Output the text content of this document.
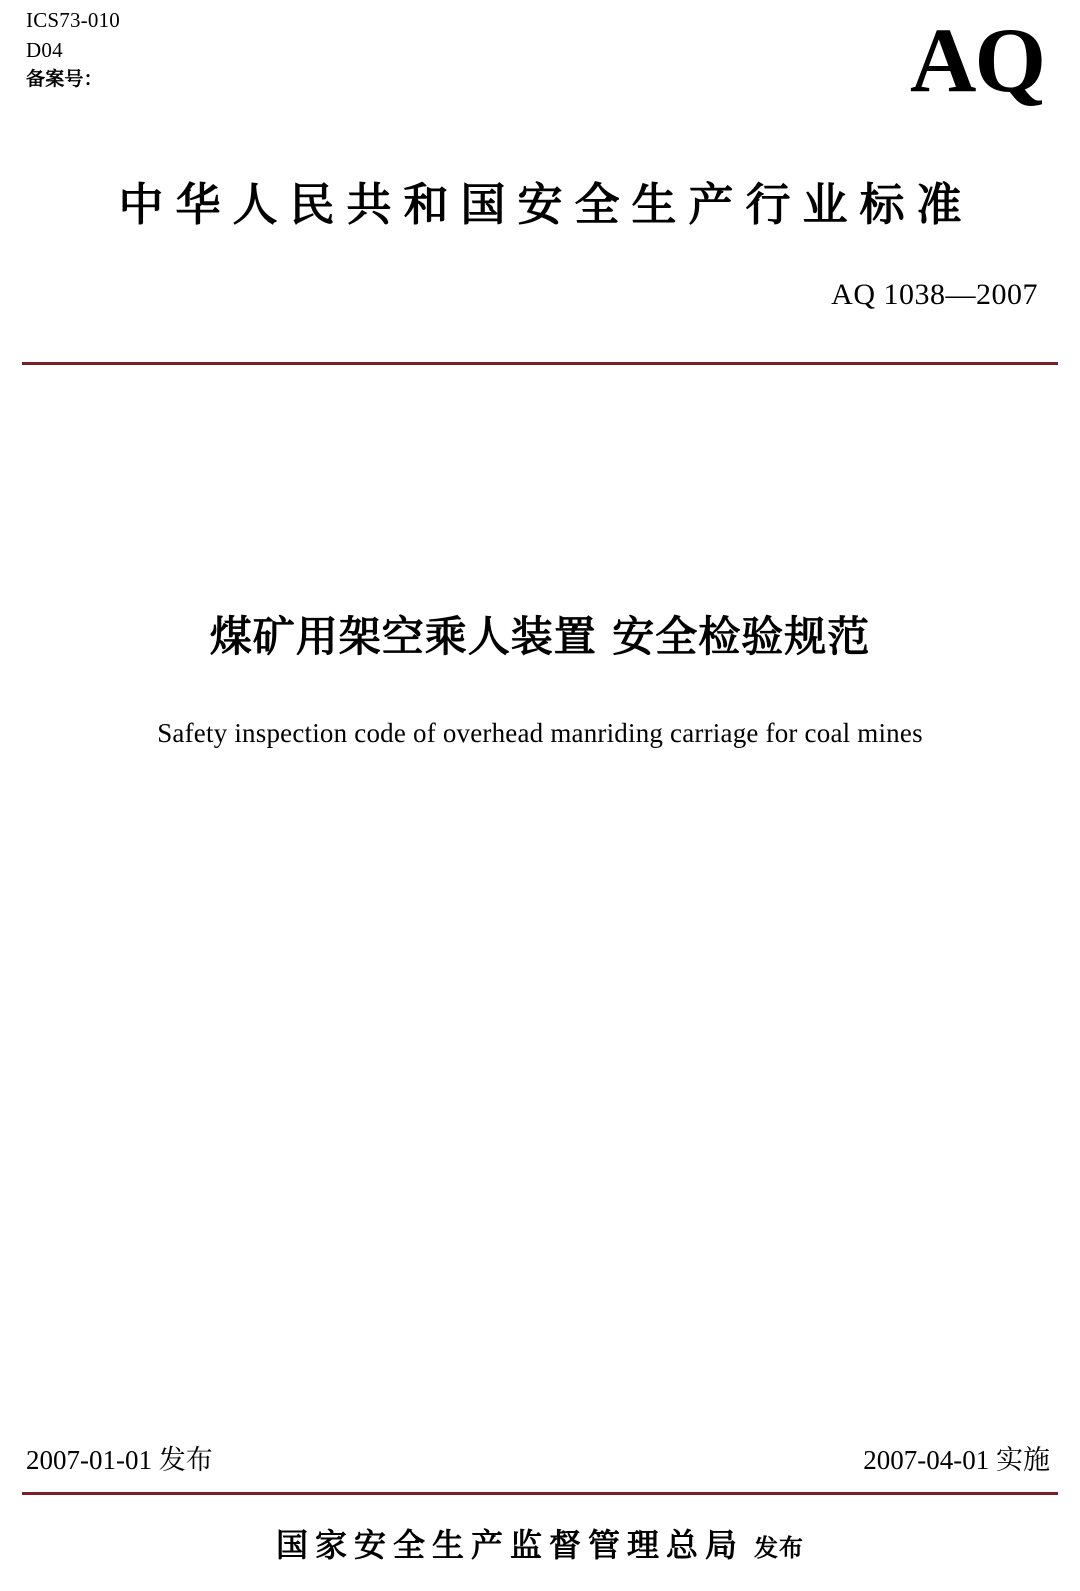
ICS73-010
D04
备案号：	AQ
中华人民共和国安全生产行业标准
AQ 1038—2007
煤矿用架空乘人装置 安全检验规范
Safety inspection code of overhead manriding carriage for coal mines
2007-01-01 发布	2007-04-01 实施
国家安全生产监督管理总局 发布
